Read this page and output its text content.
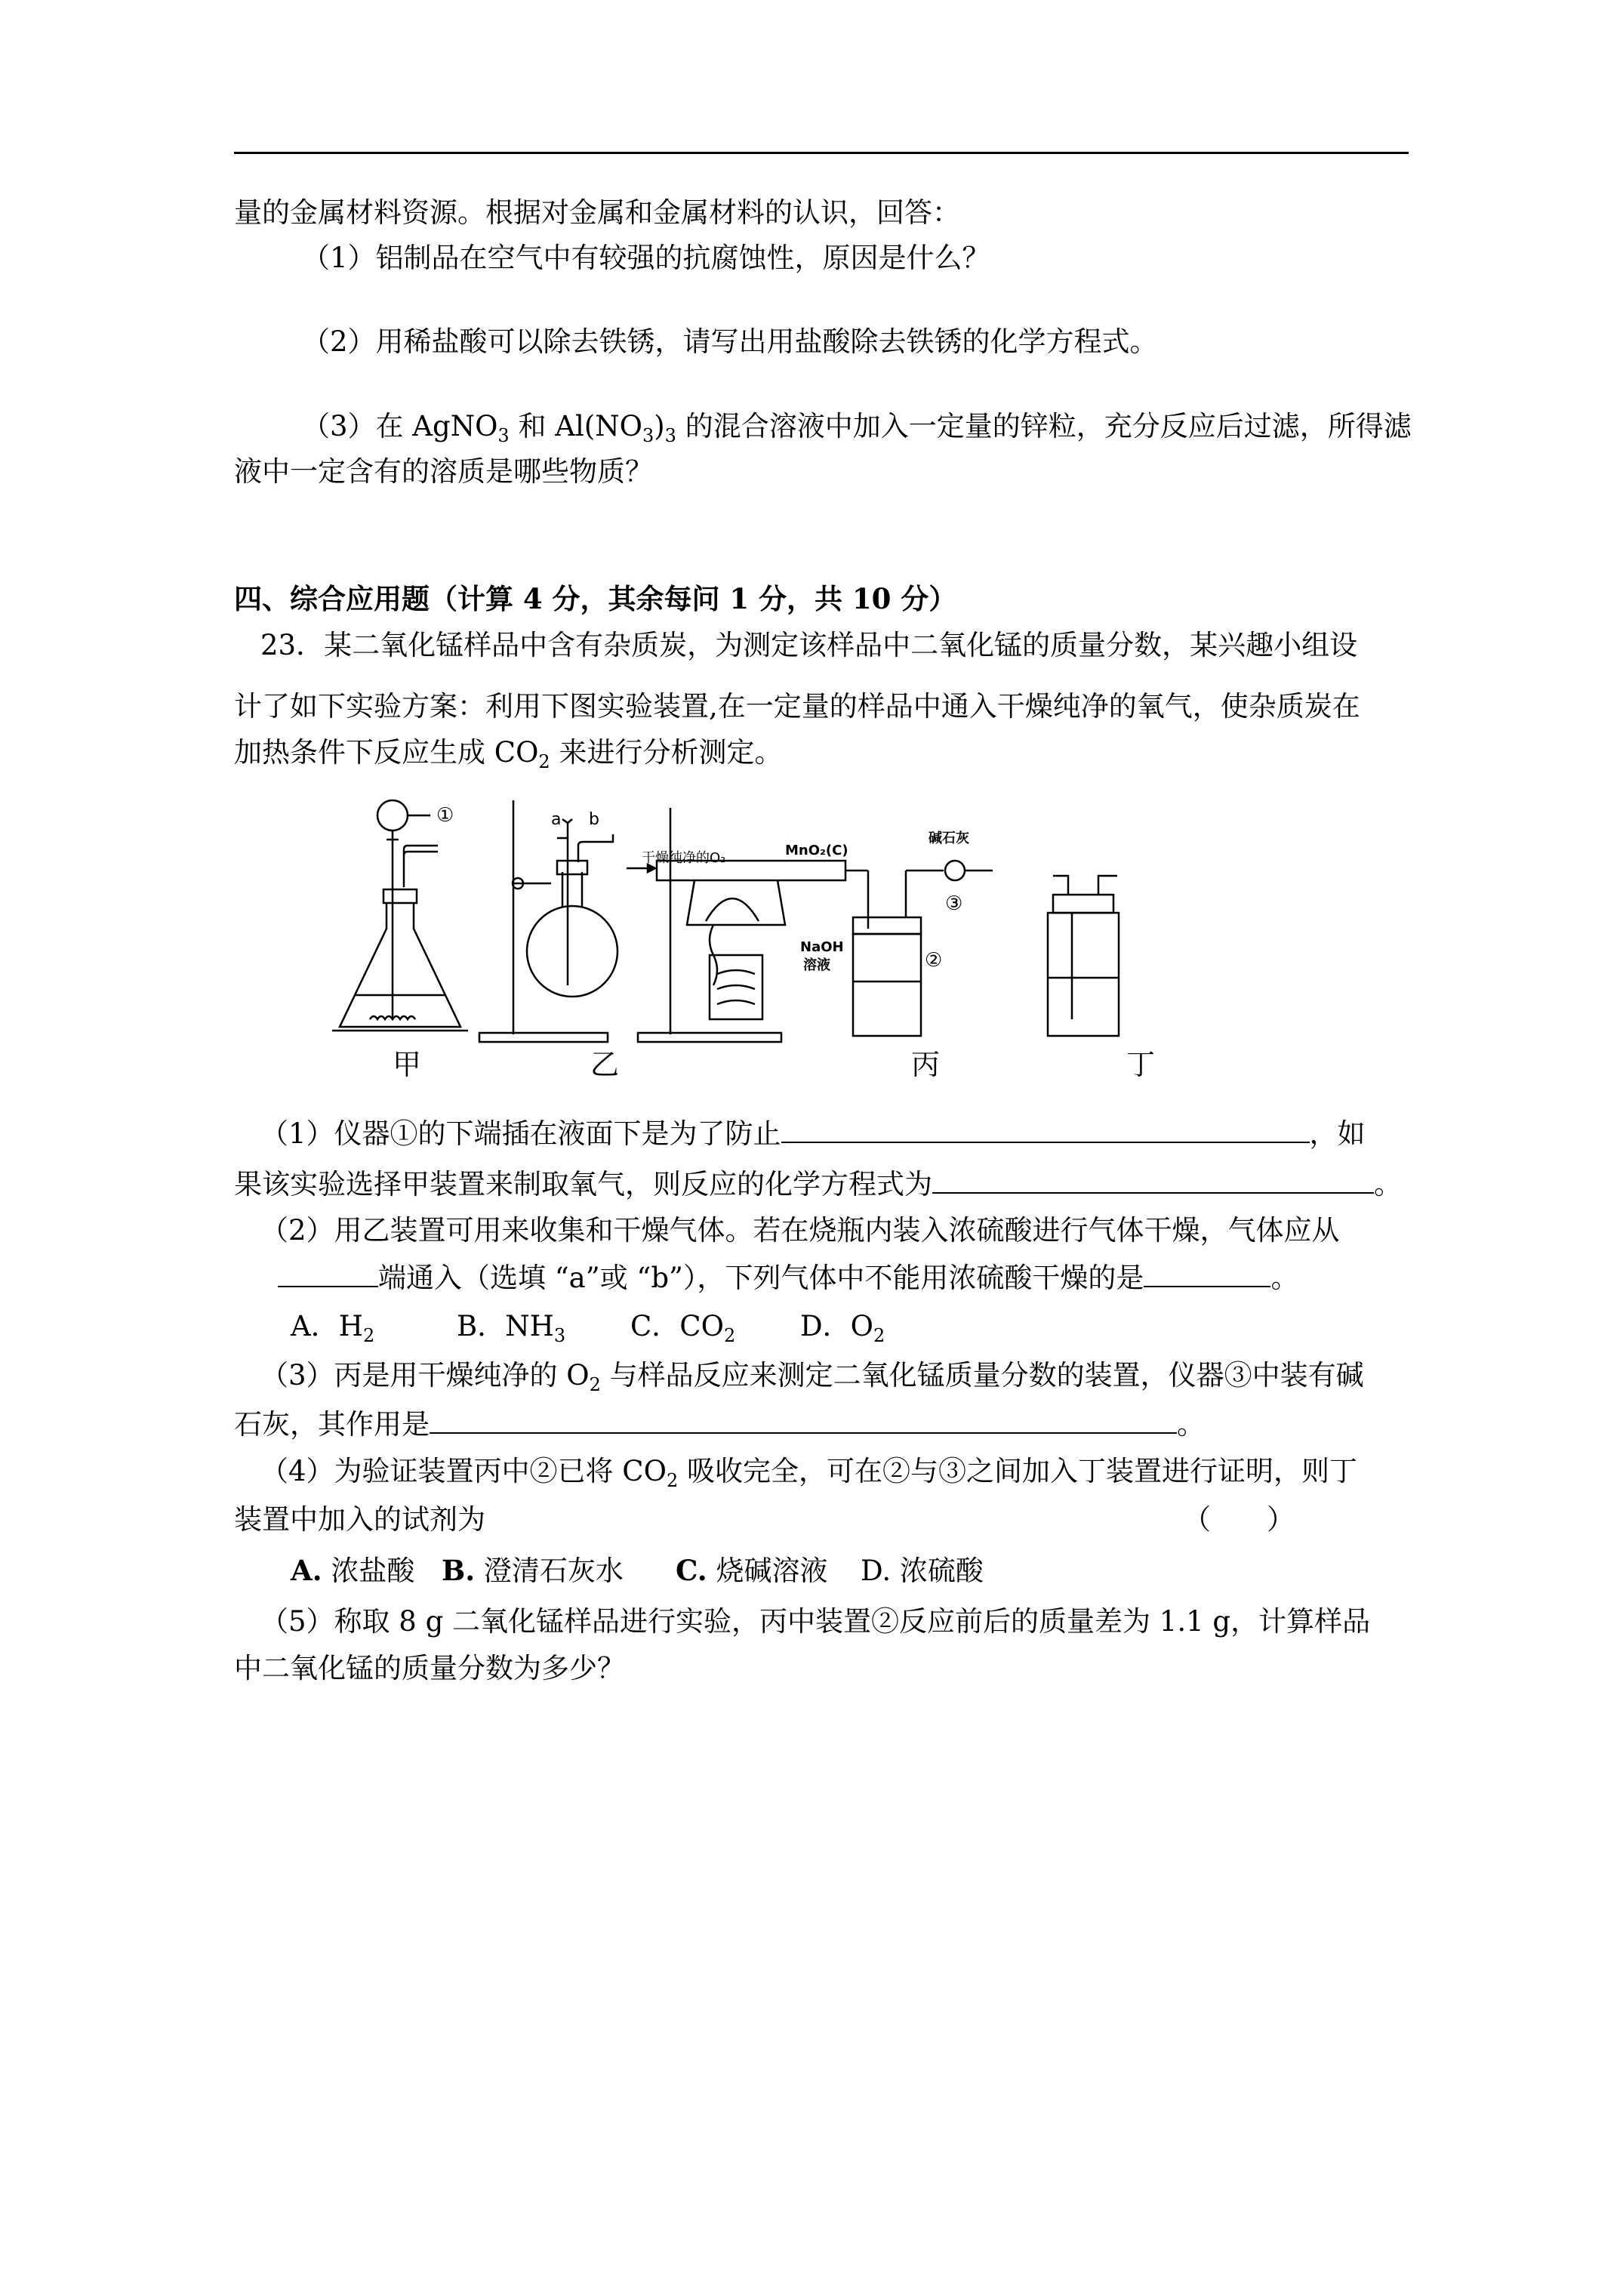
量的金属材料资源。根据对金属和金属材料的认识，回答：
（1）铝制品在空气中有较强的抗腐蚀性，原因是什么？
（2）用稀盐酸可以除去铁锈，请写出用盐酸除去铁锈的化学方程式。
（3）在 AgNO$_3$ 和 $Al(NO_3)_3$ 的混合溶液中加入一定量的锌粒，充分反应后过滤，所得滤
液中一定含有的溶质是哪些物质？
四、综合应用题（计算 4 分，其余每问 1 分，共 10 分）
23．某二氧化锰样品中含有杂质炭，为测定该样品中二氧化锰的质量分数，某兴趣小组设
计了如下实验方案：利用下图实验装置,在一定量的样品中通入干燥纯净的氧气，使杂质炭在
加热条件下反应生成 $CO_2$ 来进行分析测定。
①	a b
干燥纯净的O₂	MnO₂(C)
碱石灰
NaOH
溶液	②
③
甲	乙	丙	丁
（1）仪器①的下端插在液面下是为了防止	，如
果该实验选择甲装置来制取氧气，则反应的化学方程式为	。
（2）用乙装置可用来收集和干燥气体。若在烧瓶内装入浓硫酸进行气体干燥，气体应从
端通入（选填 “a”或 “b”），下列气体中不能用浓硫酸干燥的是	。
A．$H_2$	B．$NH_3$ C．$CO_2$ D．$O_2$
（3）丙是用干燥纯净的 $O_2$ 与样品反应来测定二氧化锰质量分数的装置，仪器③中装有碱
石灰，其作用是	。
（4）为验证装置丙中②已将 $CO_2$ 吸收完全，可在②与③之间加入丁装置进行证明，则丁
装置中加入的试剂为	（　　）
A. 浓盐酸 B. 澄清石灰水 C. 烧碱溶液 D. 浓硫酸
（5）称取 8 g 二氧化锰样品进行实验，丙中装置②反应前后的质量差为 1.1 g，计算样品
中二氧化锰的质量分数为多少？
